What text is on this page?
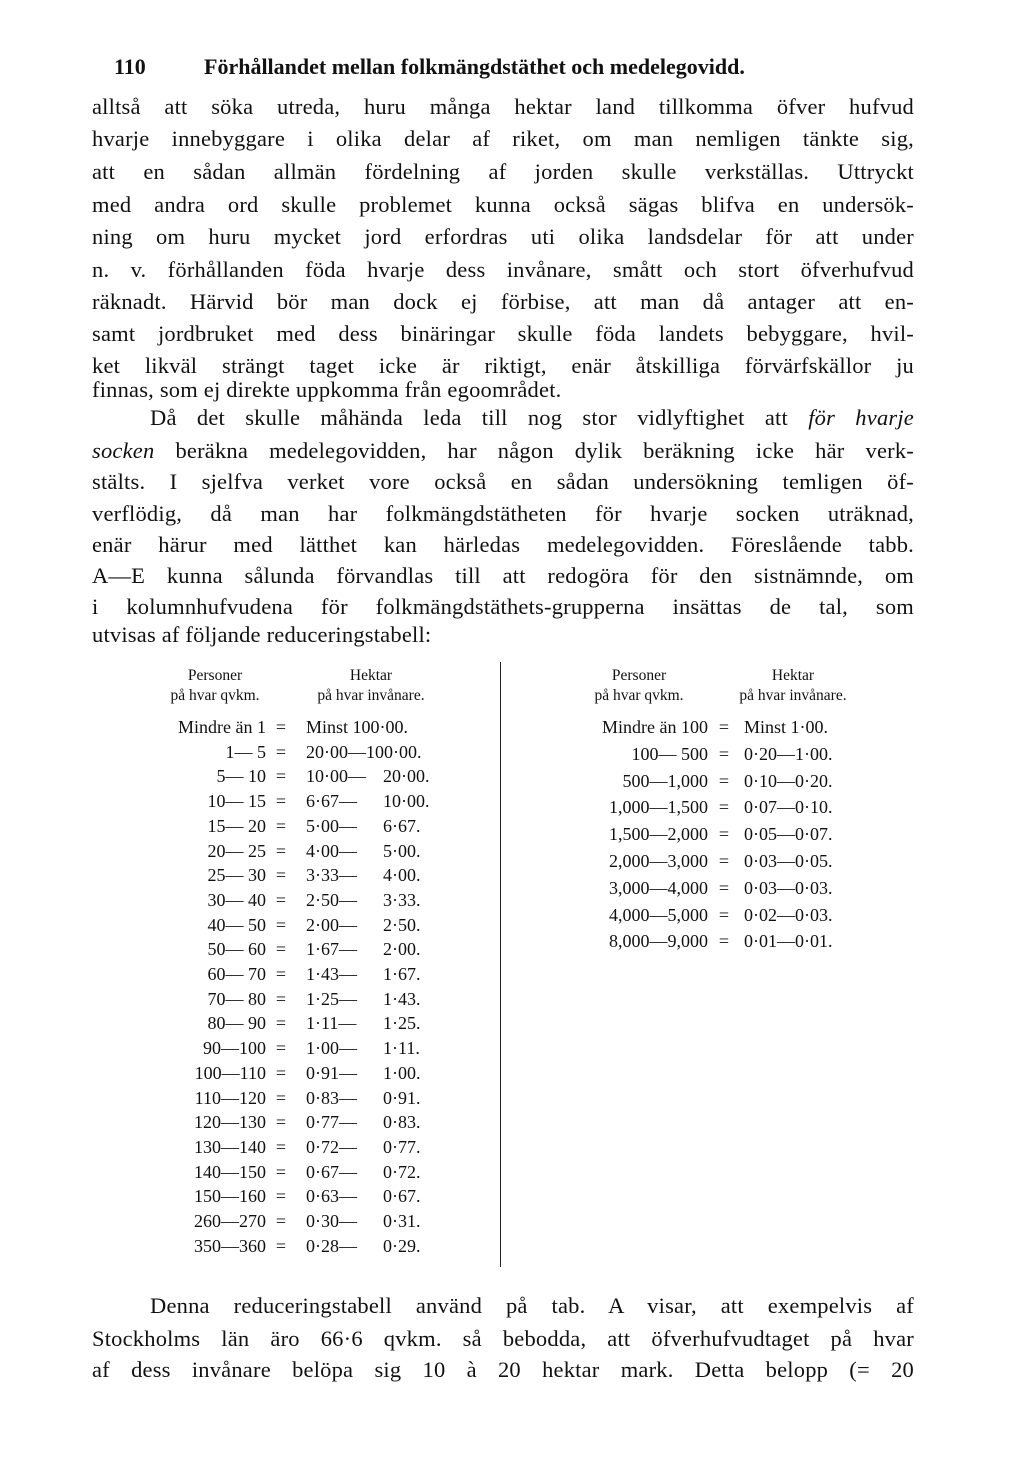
110	Förhållandet mellan folkmängdstäthet och medelegovidd.
alltså att söka utreda, huru många hektar land tillkomma öfver hufvud
hvarje innebyggare i olika delar af riket, om man nemligen tänkte sig,
att en sådan allmän fördelning af jorden skulle verkställas. Uttryckt
med andra ord skulle problemet kunna också sägas blifva en undersök-
ning om huru mycket jord erfordras uti olika landsdelar för att under
n. v. förhållanden föda hvarje dess invånare, smått och stort öfverhufvud
räknadt. Härvid bör man dock ej förbise, att man då antager att en-
samt jordbruket med dess binäringar skulle föda landets bebyggare, hvil-
ket likväl strängt taget icke är riktigt, enär åtskilliga förvärfskällor ju
finnas, som ej direkte uppkomma från egoområdet.
Då det skulle måhända leda till nog stor vidlyftighet att för hvarje
socken beräkna medelegovidden, har någon dylik beräkning icke här verk-
stälts. I sjelfva verket vore också en sådan undersökning temligen öf-
verflödig, då man har folkmängdstätheten för hvarje socken uträknad,
enär härur med lätthet kan härledas medelegovidden. Föreslående tabb.
A—E kunna sålunda förvandlas till att redogöra för den sistnämnde, om
i kolumnhufvudena för folkmängdstäthets-grupperna insättas de tal, som
utvisas af följande reduceringstabell:
Denna reduceringstabell använd på tab. A visar, att exempelvis af
Stockholms län äro 66·6 qvkm. så bebodda, att öfverhufvudtaget på hvar
af dess invånare belöpa sig 10 à 20 hektar mark. Detta belopp (= 20
Personer
på hvar qvkm.
Hektar
på hvar invånare.
Mindre än 1 =	Minst 100·00.
1— 5 =	20·00—100·00.
5— 10 =	10·00— 20·00.
10— 15 =	6·67— 10·00.
15— 20 =	5·00— 6·67.
20— 25 =	4·00— 5·00.
25— 30 =	3·33— 4·00.
30— 40 =	2·50— 3·33.
40— 50 =	2·00— 2·50.
50— 60 =	1·67— 2·00.
60— 70 =	1·43— 1·67.
70— 80 =	1·25— 1·43.
80— 90 =	1·11— 1·25.
90—100 =	1·00— 1·11.
100—110 =	0·91— 1·00.
110—120 =	0·83— 0·91.
120—130 =	0·77— 0·83.
130—140 =	0·72— 0·77.
140—150 =	0·67— 0·72.
150—160 =	0·63— 0·67.
260—270 =	0·30— 0·31.
350—360 =	0·28— 0·29.
Personer
på hvar qvkm.
Hektar
på hvar invånare.
Mindre än 100 = Minst 1·00.
100— 500 = 0·20—1·00.
500—1,000 = 0·10—0·20.
1,000—1,500 = 0·07—0·10.
1,500—2,000 = 0·05—0·07.
2,000—3,000 = 0·03—0·05.
3,000—4,000 = 0·03—0·03.
4,000—5,000 = 0·02—0·03.
8,000—9,000 = 0·01—0·01.
